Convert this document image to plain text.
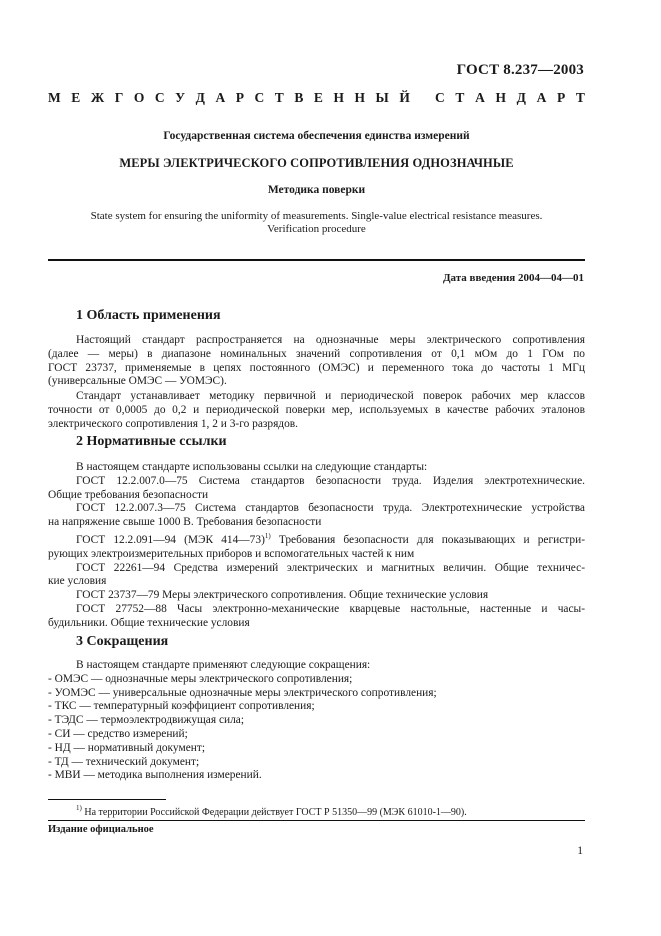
ГОСТ 8.237—2003
М Е Ж Г О С У Д А Р С Т В Е Н Н Ы Й С Т А Н Д А Р Т
Государственная система обеспечения единства измерений
МЕРЫ ЭЛЕКТРИЧЕСКОГО СОПРОТИВЛЕНИЯ ОДНОЗНАЧНЫЕ
Методика поверки
State system for ensuring the uniformity of measurements. Single-value electrical resistance measures. Verification procedure
Дата введения 2004—04—01
1 Область применения
Настоящий стандарт распространяется на однозначные меры электрического сопротивления
(далее — меры) в диапазоне номинальных значений сопротивления от 0,1 мОм до 1 ГОм по
ГОСТ 23737, применяемые в цепях постоянного (ОМЭС) и переменного тока до частоты 1 МГц
(универсальные ОМЭС — УОМЭС).
Стандарт устанавливает методику первичной и периодической поверок рабочих мер классов
точности от 0,0005 до 0,2 и периодической поверки мер, используемых в качестве рабочих эталонов
электрического сопротивления 1, 2 и 3-го разрядов.
2 Нормативные ссылки
В настоящем стандарте использованы ссылки на следующие стандарты:
ГОСТ 12.2.007.0—75 Система стандартов безопасности труда. Изделия электротехнические.
Общие требования безопасности
ГОСТ 12.2.007.3—75 Система стандартов безопасности труда. Электротехнические устройства
на напряжение свыше 1000 В. Требования безопасности
ГОСТ 12.2.091—94 (МЭК 414—73)$^{1)}$ Требования безопасности для показывающих и регистри-
рующих электроизмерительных приборов и вспомогательных частей к ним
ГОСТ 22261—94 Средства измерений электрических и магнитных величин. Общие техничес-
кие условия
ГОСТ 23737—79 Меры электрического сопротивления. Общие технические условия
ГОСТ 27752—88 Часы электронно-механические кварцевые настольные, настенные и часы-
будильники. Общие технические условия
3 Сокращения
В настоящем стандарте применяют следующие сокращения:
- ОМЭС — однозначные меры электрического сопротивления;
- УОМЭС — универсальные однозначные меры электрического сопротивления;
- ТКС — температурный коэффициент сопротивления;
- ТЭДС — термоэлектродвижущая сила;
- СИ — средство измерений;
- НД — нормативный документ;
- ТД — технический документ;
- МВИ — методика выполнения измерений.
$^{1)}$ На территории Российской Федерации действует ГОСТ Р 51350—99 (МЭК 61010-1—90).
Издание официальное
1
